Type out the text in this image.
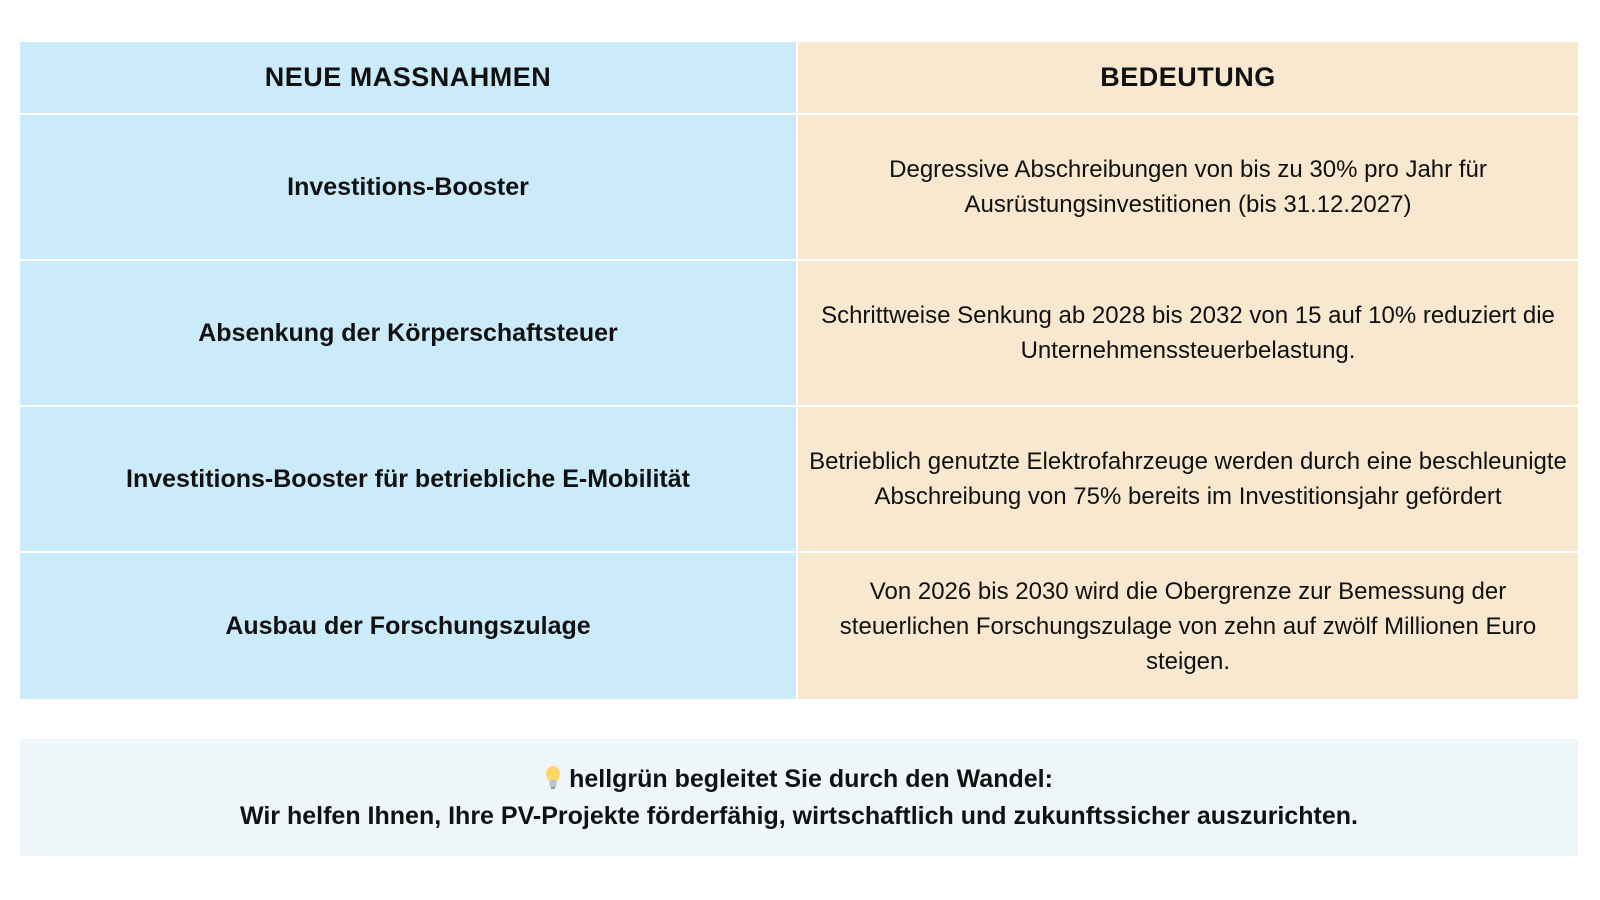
NEUE MASSNAHMEN	BEDEUTUNG
Investitions-Booster
Degressive Abschreibungen von bis zu 30% pro Jahr für Ausrüstungsinvestitionen (bis 31.12.2027)
Absenkung der Körperschaftsteuer
Schrittweise Senkung ab 2028 bis 2032 von 15 auf 10% reduziert die Unternehmenssteuerbelastung.
Investitions-Booster für betriebliche E-Mobilität
Betrieblich genutzte Elektrofahrzeuge werden durch eine beschleunigte Abschreibung von 75% bereits im Investitionsjahr gefördert
Ausbau der Forschungszulage
Von 2026 bis 2030 wird die Obergrenze zur Bemessung der steuerlichen Forschungszulage von zehn auf zwölf Millionen Euro steigen.
hellgrün begleitet Sie durch den Wandel:
Wir helfen Ihnen, Ihre PV-Projekte förderfähig, wirtschaftlich und zukunftssicher auszurichten.
